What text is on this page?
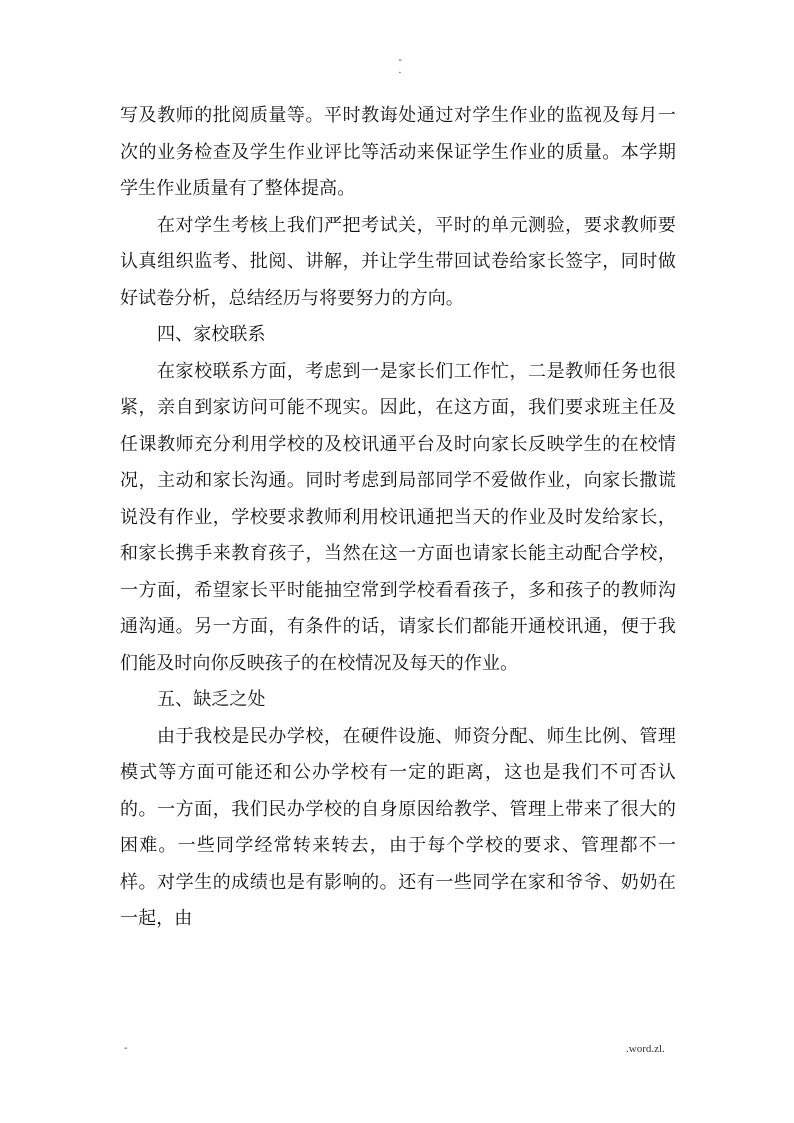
-
.

写及教师的批阅质量等。平时教诲处通过对学生作业的监视及每月一次的业务检查及学生作业评比等活动来保证学生作业的质量。本学期学生作业质量有了整体提高。

在对学生考核上我们严把考试关，平时的单元测验，要求教师要认真组织监考、批阅、讲解，并让学生带回试卷给家长签字，同时做好试卷分析，总结经历与将要努力的方向。

四、家校联系

在家校联系方面，考虑到一是家长们工作忙，二是教师任务也很紧，亲自到家访问可能不现实。因此，在这方面，我们要求班主任及任课教师充分利用学校的及校讯通平台及时向家长反映学生的在校情况，主动和家长沟通。同时考虑到局部同学不爱做作业，向家长撒谎说没有作业，学校要求教师利用校讯通把当天的作业及时发给家长，和家长携手来教育孩子，当然在这一方面也请家长能主动配合学校，一方面，希望家长平时能抽空常到学校看看孩子，多和孩子的教师沟通沟通。另一方面，有条件的话，请家长们都能开通校讯通，便于我们能及时向你反映孩子的在校情况及每天的作业。

五、缺乏之处

由于我校是民办学校，在硬件设施、师资分配、师生比例、管理模式等方面可能还和公办学校有一定的距离，这也是我们不可否认的。一方面，我们民办学校的自身原因给教学、管理上带来了很大的困难。一些同学经常转来转去，由于每个学校的要求、管理都不一样。对学生的成绩也是有影响的。还有一些同学在家和爷爷、奶奶在一起，由

-	.word.zl.
